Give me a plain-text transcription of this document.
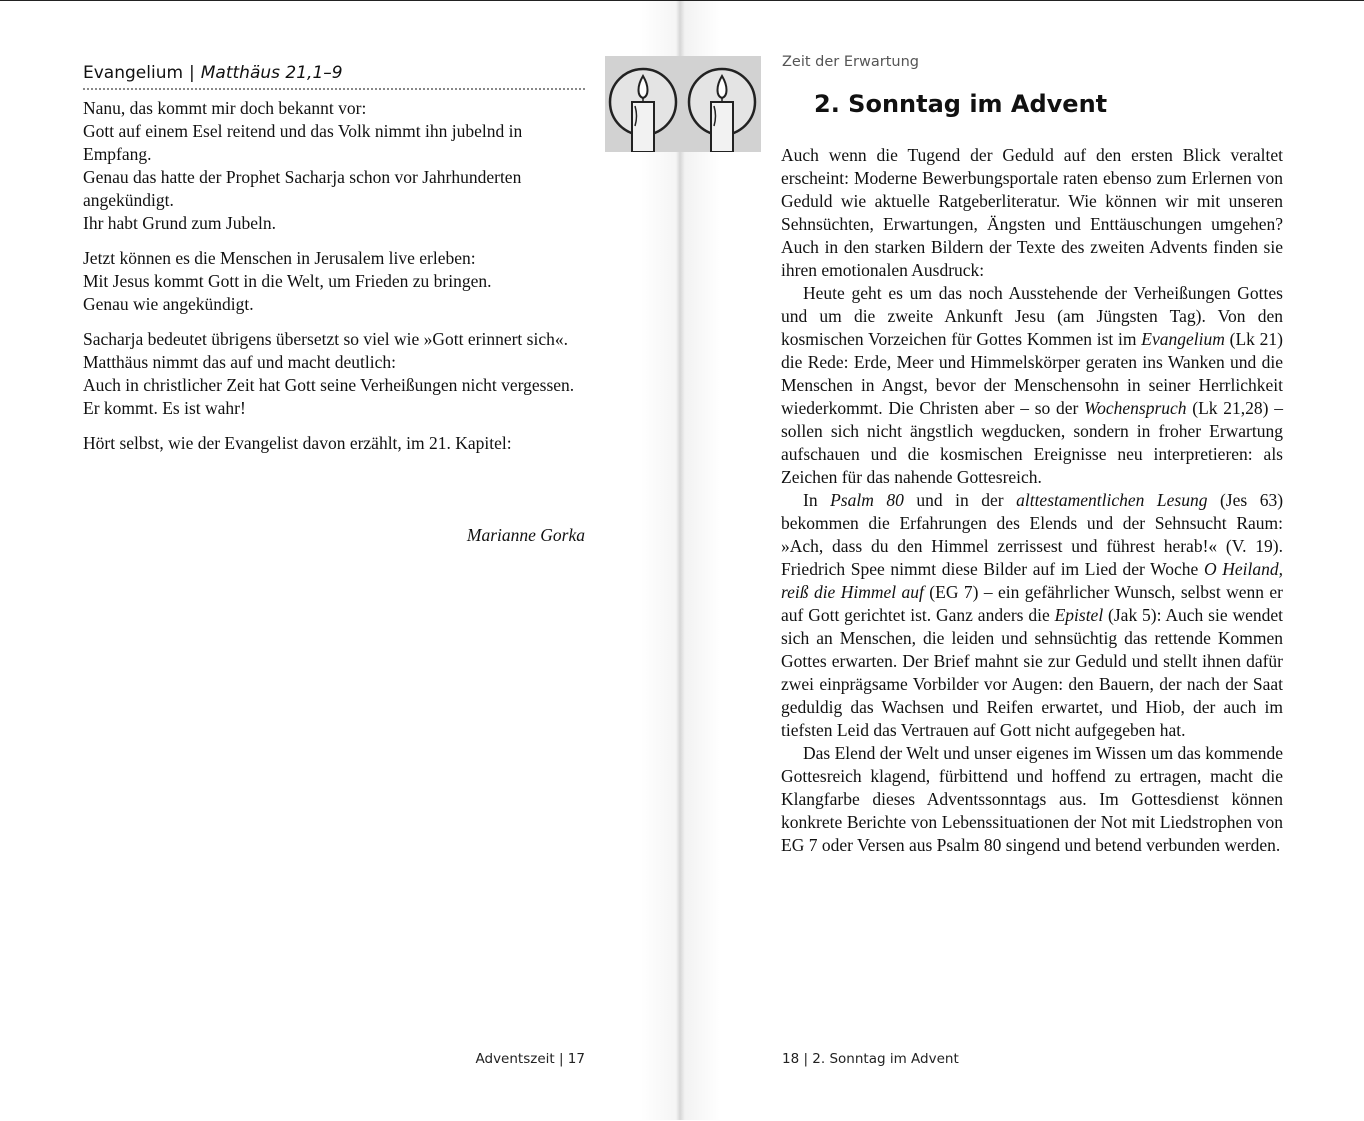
Evangelium | Matthäus 21,1–9

Nanu, das kommt mir doch bekannt vor:
Gott auf einem Esel reitend und das Volk nimmt ihn jubelnd in Empfang.
Genau das hatte der Prophet Sacharja schon vor Jahrhunderten angekündigt.
Ihr habt Grund zum Jubeln.

Jetzt können es die Menschen in Jerusalem live erleben:
Mit Jesus kommt Gott in die Welt, um Frieden zu bringen.
Genau wie angekündigt.

Sacharja bedeutet übrigens übersetzt so viel wie »Gott erinnert sich«.
Matthäus nimmt das auf und macht deutlich:
Auch in christlicher Zeit hat Gott seine Verheißungen nicht vergessen.
Er kommt. Es ist wahr!

Hört selbst, wie der Evangelist davon erzählt, im 21. Kapitel:

Marianne Gorka
Adventszeit | 17
Zeit der Erwartung
2. Sonntag im Advent

Auch wenn die Tugend der Geduld auf den ersten Blick veraltet erscheint: Moderne Bewerbungsportale raten ebenso zum Erlernen von Geduld wie aktuelle Ratgeberliteratur. Wie können wir mit unseren Sehnsüchten, Erwartungen, Ängsten und Enttäuschungen umgehen? Auch in den starken Bildern der Texte des zweiten Advents finden sie ihren emotionalen Ausdruck:

Heute geht es um das noch Ausstehende der Verheißungen Gottes und um die zweite Ankunft Jesu (am Jüngsten Tag). Von den kosmischen Vorzeichen für Gottes Kommen ist im Evangelium (Lk 21) die Rede: Erde, Meer und Himmelskörper geraten ins Wanken und die Menschen in Angst, bevor der Menschensohn in seiner Herrlichkeit wiederkommt. Die Christen aber – so der Wochenspruch (Lk 21,28) – sollen sich nicht ängstlich wegducken, sondern in froher Erwartung aufschauen und die kosmischen Ereignisse neu interpretieren: als Zeichen für das nahende Gottesreich.

In Psalm 80 und in der alttestamentlichen Lesung (Jes 63) bekommen die Erfahrungen des Elends und der Sehnsucht Raum: »Ach, dass du den Himmel zerrissest und führest herab!« (V. 19). Friedrich Spee nimmt diese Bilder auf im Lied der Woche O Heiland, reiß die Himmel auf (EG 7) – ein gefährlicher Wunsch, selbst wenn er auf Gott gerichtet ist. Ganz anders die Epistel (Jak 5): Auch sie wendet sich an Menschen, die leiden und sehnsüchtig das rettende Kommen Gottes erwarten. Der Brief mahnt sie zur Geduld und stellt ihnen dafür zwei einprägsame Vorbilder vor Augen: den Bauern, der nach der Saat geduldig das Wachsen und Reifen erwartet, und Hiob, der auch im tiefsten Leid das Vertrauen auf Gott nicht aufgegeben hat.

Das Elend der Welt und unser eigenes im Wissen um das kommende Gottesreich klagend, fürbittend und hoffend zu ertragen, macht die Klangfarbe dieses Adventssonntags aus. Im Gottesdienst können konkrete Berichte von Lebenssituationen der Not mit Liedstrophen von EG 7 oder Versen aus Psalm 80 singend und betend verbunden werden.

18 | 2. Sonntag im Advent
